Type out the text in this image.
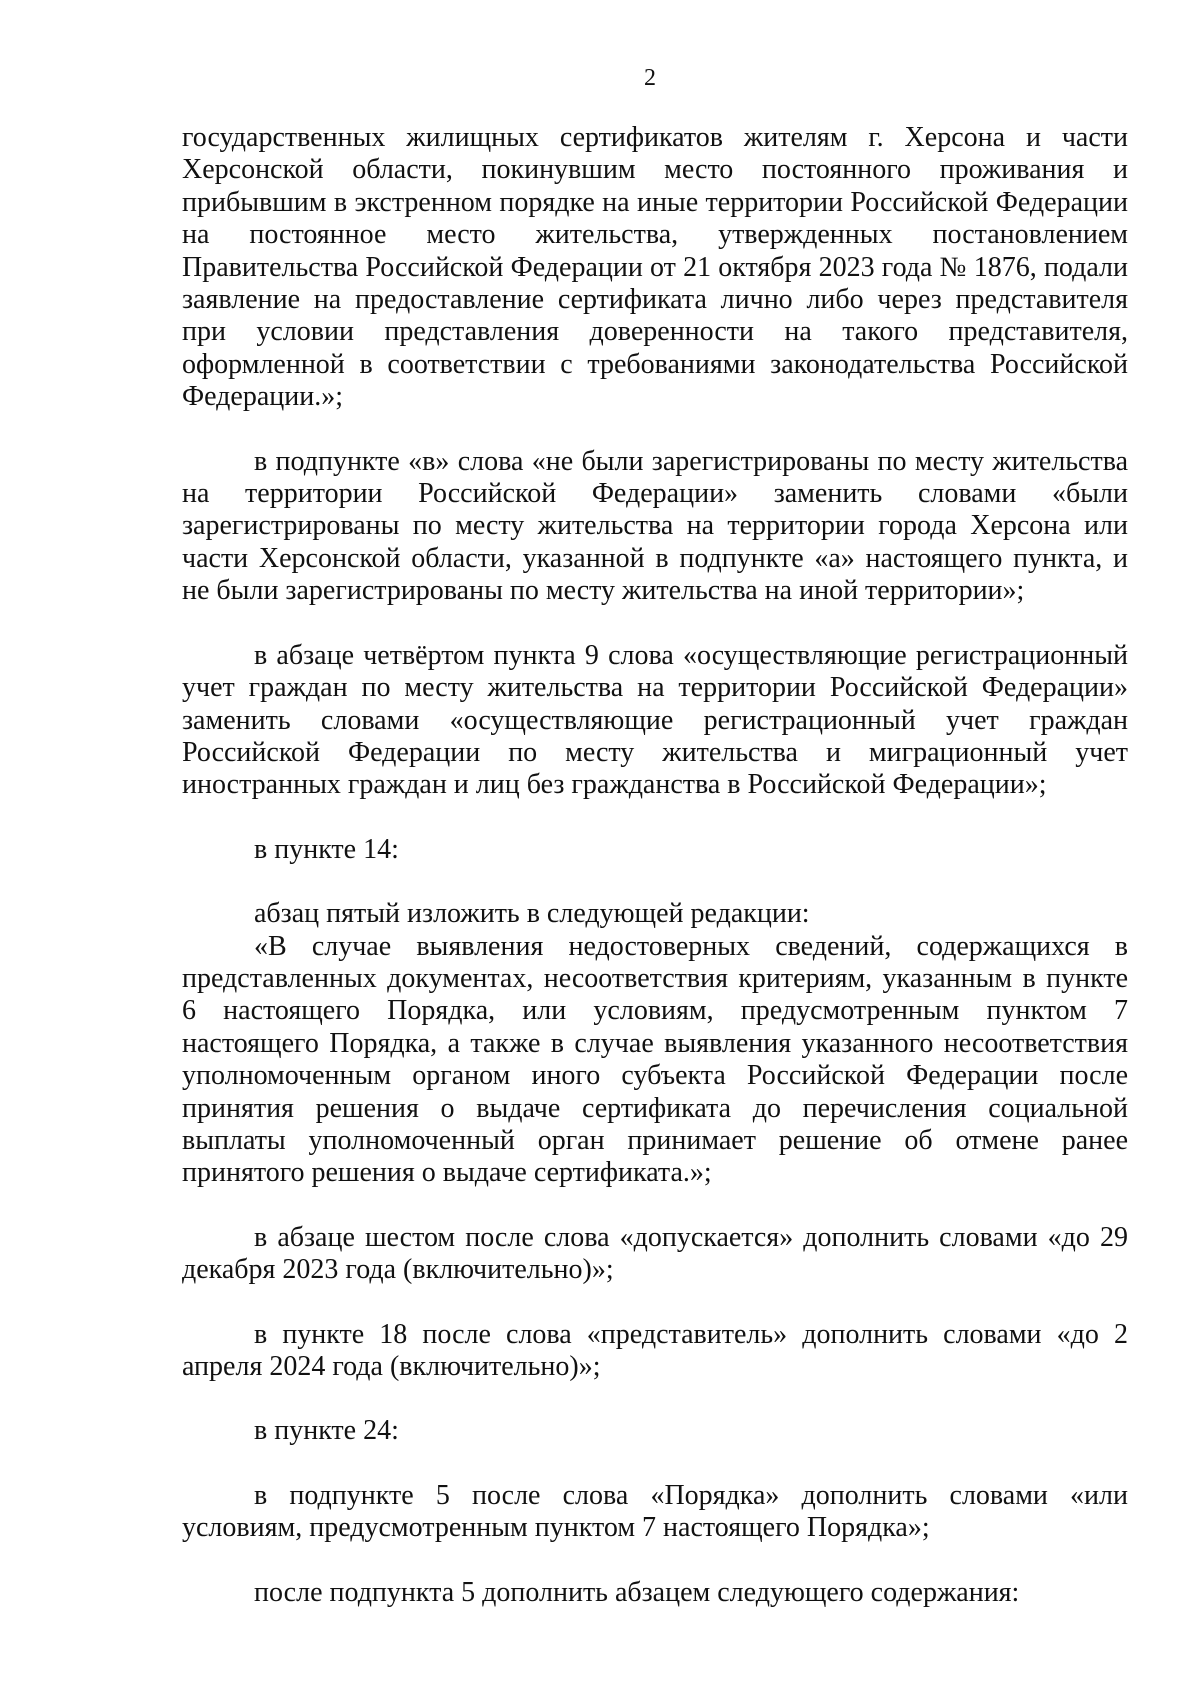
2

государственных жилищных сертификатов жителям г. Херсона и части Херсонской области, покинувшим место постоянного проживания и прибывшим в экстренном порядке на иные территории Российской Федерации на постоянное место жительства, утвержденных постановлением Правительства Российской Федерации от 21 октября 2023 года № 1876, подали заявление на предоставление сертификата лично либо через представителя при условии представления доверенности на такого представителя, оформленной в соответствии с требованиями законодательства Российской Федерации.»;

в подпункте «в» слова «не были зарегистрированы по месту жительства на территории Российской Федерации» заменить словами «были зарегистрированы по месту жительства на территории города Херсона или части Херсонской области, указанной в подпункте «а» настоящего пункта, и не были зарегистрированы по месту жительства на иной территории»;

в абзаце четвёртом пункта 9 слова «осуществляющие регистрационный учет граждан по месту жительства на территории Российской Федерации» заменить словами «осуществляющие регистрационный учет граждан Российской Федерации по месту жительства и миграционный учет иностранных граждан и лиц без гражданства в Российской Федерации»;

в пункте 14:

абзац пятый изложить в следующей редакции:

«В случае выявления недостоверных сведений, содержащихся в представленных документах, несоответствия критериям, указанным в пункте 6 настоящего Порядка, или условиям, предусмотренным пунктом 7 настоящего Порядка, а также в случае выявления указанного несоответствия уполномоченным органом иного субъекта Российской Федерации после принятия решения о выдаче сертификата до перечисления социальной выплаты уполномоченный орган принимает решение об отмене ранее принятого решения о выдаче сертификата.»;

в абзаце шестом после слова «допускается» дополнить словами «до 29 декабря 2023 года (включительно)»;

в пункте 18 после слова «представитель» дополнить словами «до 2 апреля 2024 года (включительно)»;

в пункте 24:

в подпункте 5 после слова «Порядка» дополнить словами «или условиям, предусмотренным пунктом 7 настоящего Порядка»;

после подпункта 5 дополнить абзацем следующего содержания:
